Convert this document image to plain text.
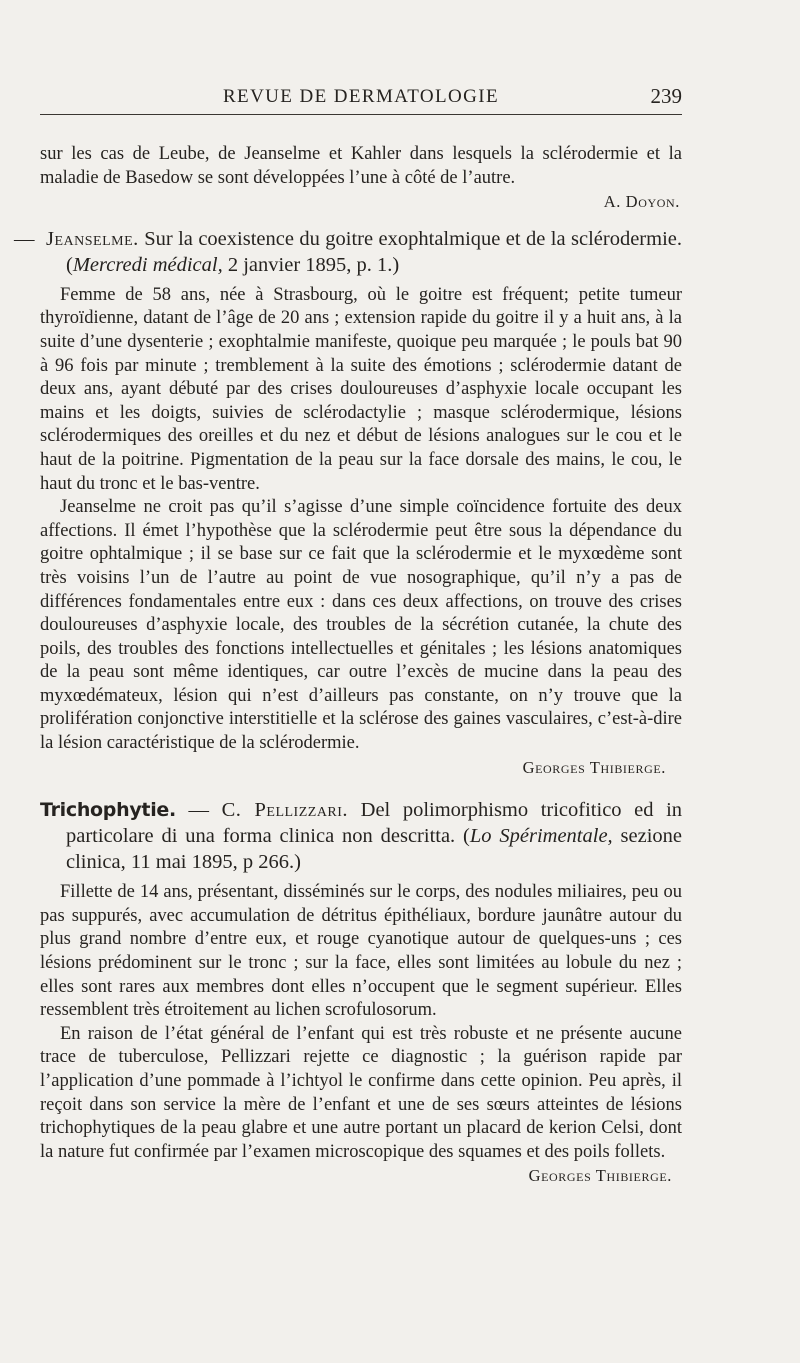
REVUE DE DERMATOLOGIE	239

sur les cas de Leube, de Jeanselme et Kahler dans lesquels la sclérodermie et la maladie de Basedow se sont développées l’une à côté de l’autre.

A. Doyon.

— Jeanselme. Sur la coexistence du goitre exophtalmique et de la sclérodermie. (Mercredi médical, 2 janvier 1895, p. 1.)

Femme de 58 ans, née à Strasbourg, où le goitre est fréquent; petite tumeur thyroïdienne, datant de l’âge de 20 ans ; extension rapide du goitre il y a huit ans, à la suite d’une dysenterie ; exophtalmie manifeste, quoique peu marquée ; le pouls bat 90 à 96 fois par minute ; tremblement à la suite des émotions ; sclérodermie datant de deux ans, ayant débuté par des crises douloureuses d’asphyxie locale occupant les mains et les doigts, suivies de sclérodactylie ; masque sclérodermique, lésions sclérodermiques des oreilles et du nez et début de lésions analogues sur le cou et le haut de la poitrine. Pigmentation de la peau sur la face dorsale des mains, le cou, le haut du tronc et le bas-ventre.

Jeanselme ne croit pas qu’il s’agisse d’une simple coïncidence fortuite des deux affections. Il émet l’hypothèse que la sclérodermie peut être sous la dépendance du goitre ophtalmique ; il se base sur ce fait que la sclérodermie et le myxœdème sont très voisins l’un de l’autre au point de vue nosographique, qu’il n’y a pas de différences fondamentales entre eux : dans ces deux affections, on trouve des crises douloureuses d’asphyxie locale, des troubles de la sécrétion cutanée, la chute des poils, des troubles des fonctions intellectuelles et génitales ; les lésions anatomiques de la peau sont même identiques, car outre l’excès de mucine dans la peau des myxœdémateux, lésion qui n’est d’ailleurs pas constante, on n’y trouve que la prolifération conjonctive interstitielle et la sclérose des gaines vasculaires, c’est-à-dire la lésion caractéristique de la sclérodermie.

Georges Thibierge.

Trichophytie. — C. Pellizzari. Del polimorphismo tricofitico ed in particolare di una forma clinica non descritta. (Lo Spérimentale, sezione clinica, 11 mai 1895, p 266.)

Fillette de 14 ans, présentant, disséminés sur le corps, des nodules miliaires, peu ou pas suppurés, avec accumulation de détritus épithéliaux, bordure jaunâtre autour du plus grand nombre d’entre eux, et rouge cyanotique autour de quelques-uns ; ces lésions prédominent sur le tronc ; sur la face, elles sont limitées au lobule du nez ; elles sont rares aux membres dont elles n’occupent que le segment supérieur. Elles ressemblent très étroitement au lichen scrofulosorum.

En raison de l’état général de l’enfant qui est très robuste et ne présente aucune trace de tuberculose, Pellizzari rejette ce diagnostic ; la guérison rapide par l’application d’une pommade à l’ichtyol le confirme dans cette opinion. Peu après, il reçoit dans son service la mère de l’enfant et une de ses sœurs atteintes de lésions trichophytiques de la peau glabre et une autre portant un placard de kerion Celsi, dont la nature fut confirmée par l’examen microscopique des squames et des poils follets.

Georges Thibierge.
